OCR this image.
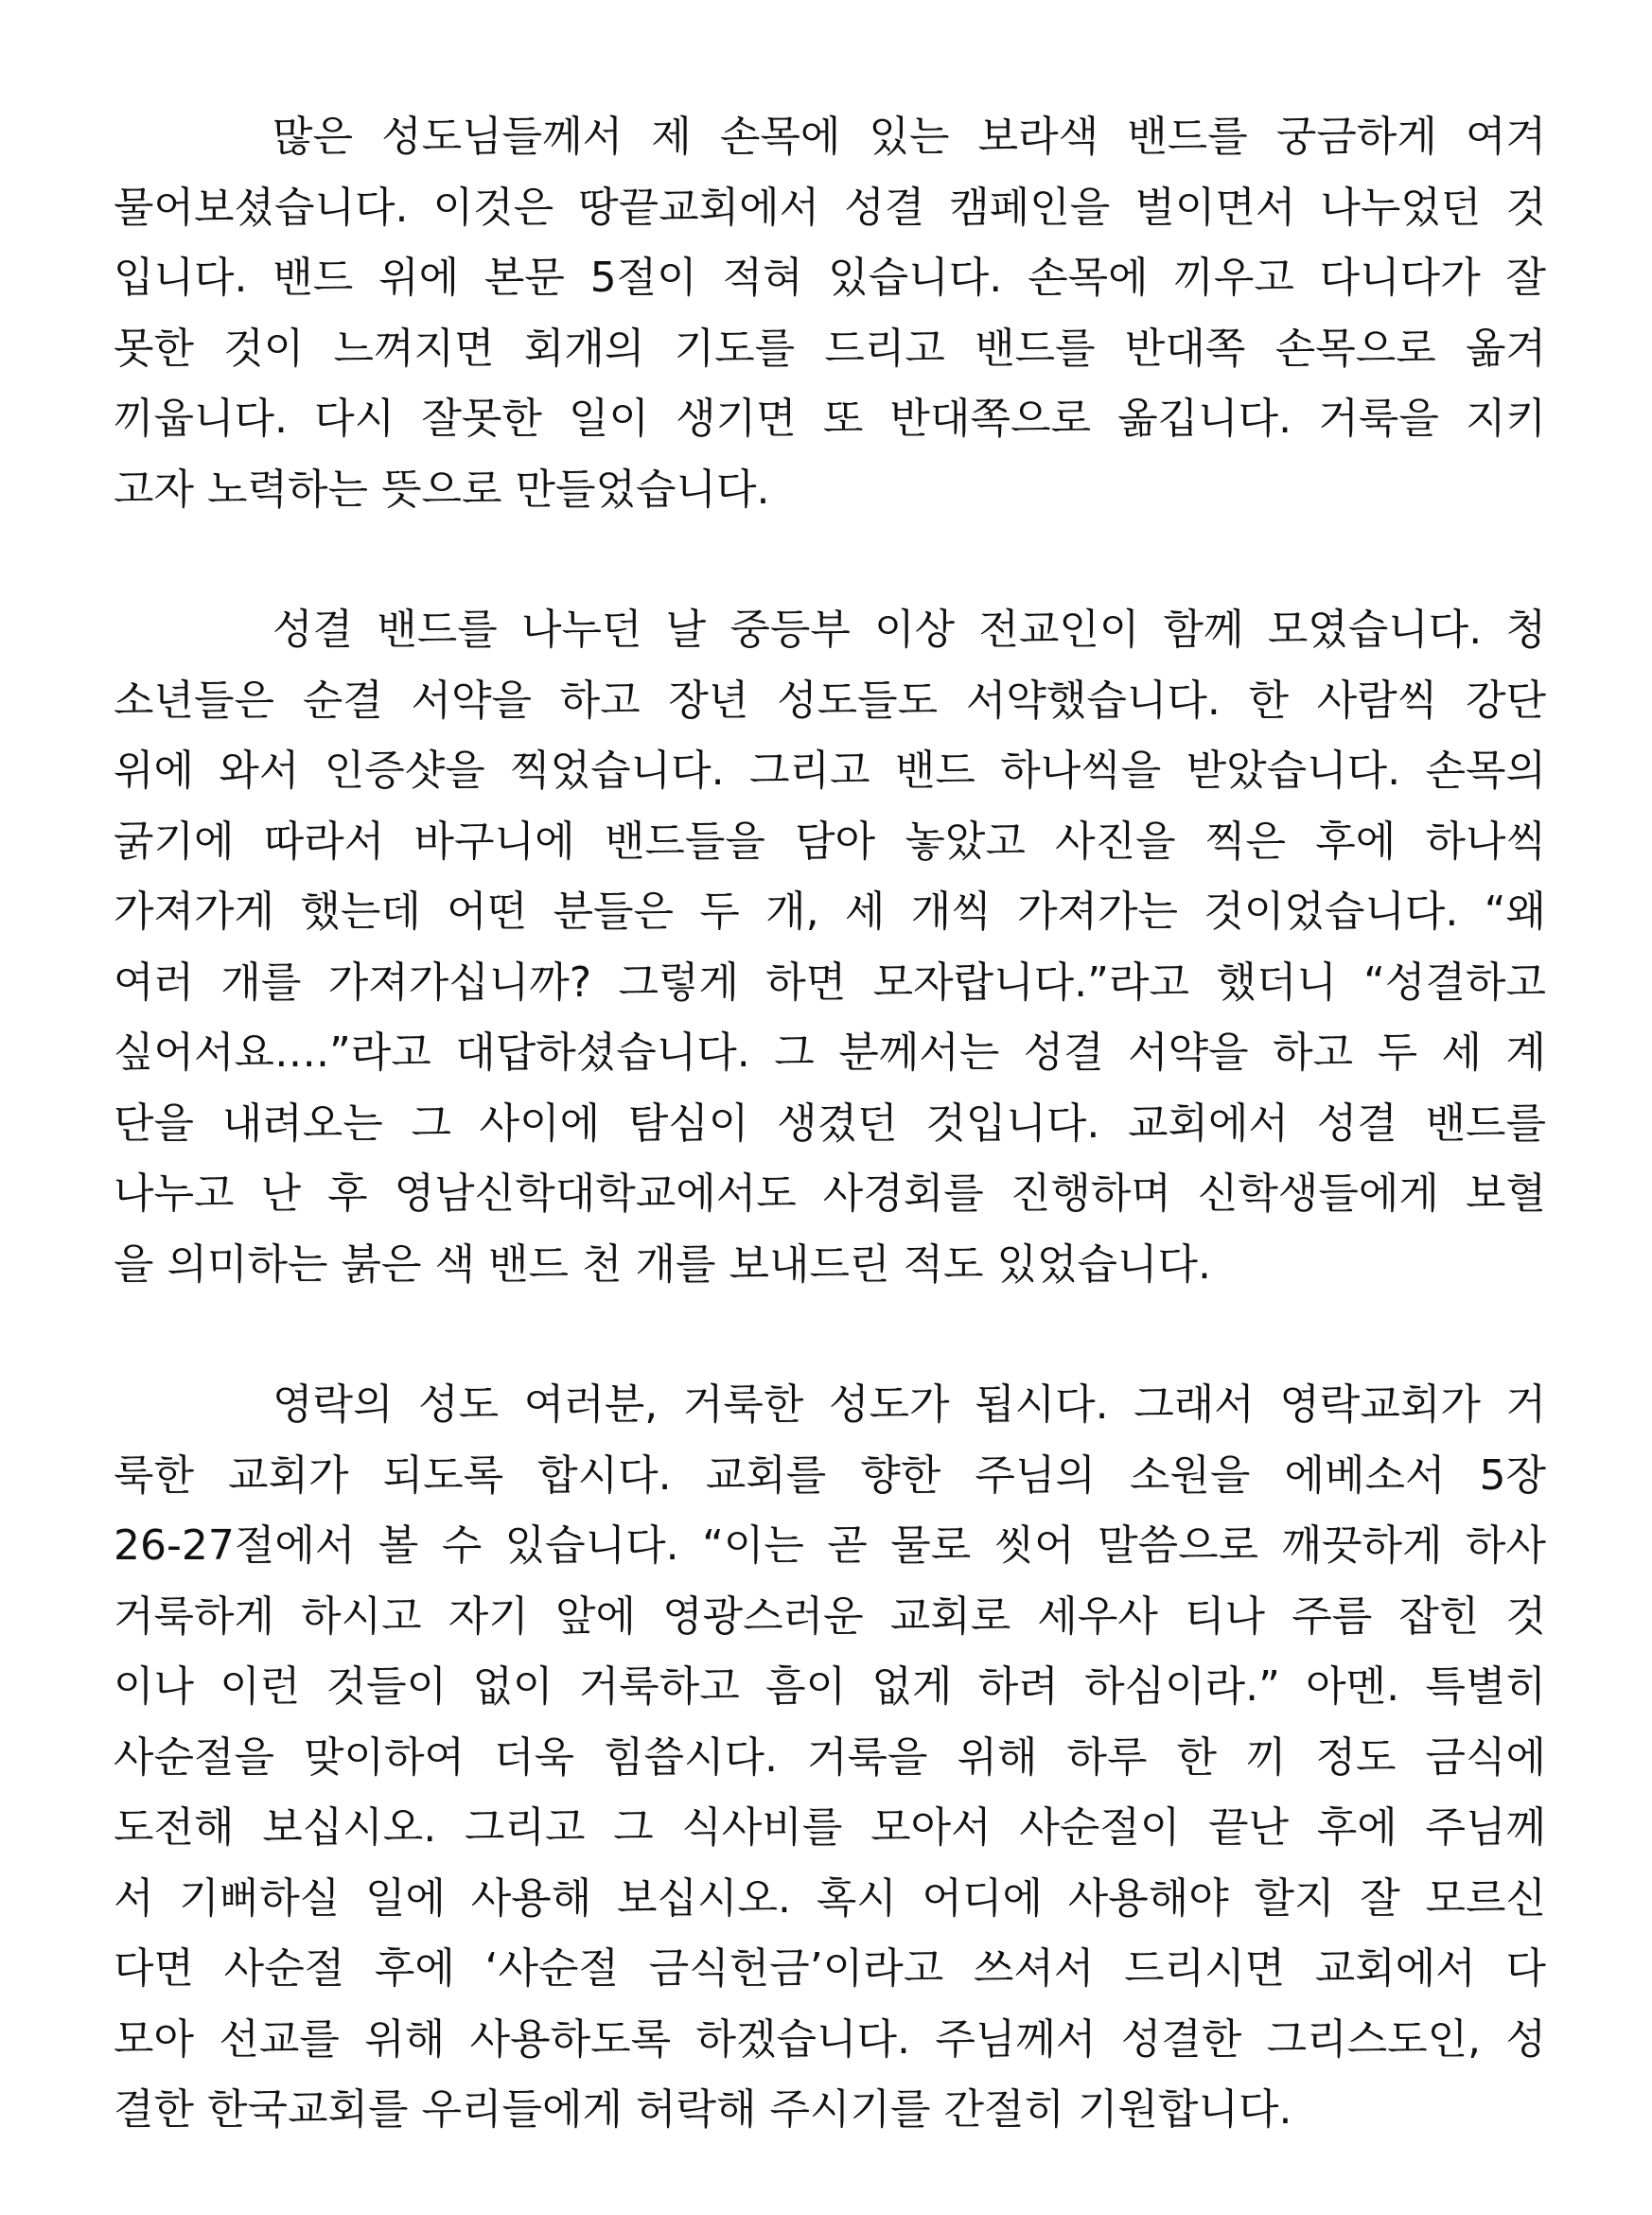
많은 성도님들께서 제 손목에 있는 보라색 밴드를 궁금하게 여겨
물어보셨습니다. 이것은 땅끝교회에서 성결 캠페인을 벌이면서 나누었던 것
입니다. 밴드 위에 본문 5절이 적혀 있습니다. 손목에 끼우고 다니다가 잘
못한 것이 느껴지면 회개의 기도를 드리고 밴드를 반대쪽 손목으로 옮겨
끼웁니다. 다시 잘못한 일이 생기면 또 반대쪽으로 옮깁니다. 거룩을 지키
고자 노력하는 뜻으로 만들었습니다.
성결 밴드를 나누던 날 중등부 이상 전교인이 함께 모였습니다. 청
소년들은 순결 서약을 하고 장년 성도들도 서약했습니다. 한 사람씩 강단
위에 와서 인증샷을 찍었습니다. 그리고 밴드 하나씩을 받았습니다. 손목의
굵기에 따라서 바구니에 밴드들을 담아 놓았고 사진을 찍은 후에 하나씩
가져가게 했는데 어떤 분들은 두 개, 세 개씩 가져가는 것이었습니다. “왜
여러 개를 가져가십니까? 그렇게 하면 모자랍니다.”라고 했더니 “성결하고
싶어서요….”라고 대답하셨습니다. 그 분께서는 성결 서약을 하고 두 세 계
단을 내려오는 그 사이에 탐심이 생겼던 것입니다. 교회에서 성결 밴드를
나누고 난 후 영남신학대학교에서도 사경회를 진행하며 신학생들에게 보혈
을 의미하는 붉은 색 밴드 천 개를 보내드린 적도 있었습니다.
영락의 성도 여러분, 거룩한 성도가 됩시다. 그래서 영락교회가 거
룩한 교회가 되도록 합시다. 교회를 향한 주님의 소원을 에베소서 5장
26-27절에서 볼 수 있습니다. “이는 곧 물로 씻어 말씀으로 깨끗하게 하사
거룩하게 하시고 자기 앞에 영광스러운 교회로 세우사 티나 주름 잡힌 것
이나 이런 것들이 없이 거룩하고 흠이 없게 하려 하심이라.” 아멘. 특별히
사순절을 맞이하여 더욱 힘씁시다. 거룩을 위해 하루 한 끼 정도 금식에
도전해 보십시오. 그리고 그 식사비를 모아서 사순절이 끝난 후에 주님께
서 기뻐하실 일에 사용해 보십시오. 혹시 어디에 사용해야 할지 잘 모르신
다면 사순절 후에 ‘사순절 금식헌금’이라고 쓰셔서 드리시면 교회에서 다
모아 선교를 위해 사용하도록 하겠습니다. 주님께서 성결한 그리스도인, 성
결한 한국교회를 우리들에게 허락해 주시기를 간절히 기원합니다.
